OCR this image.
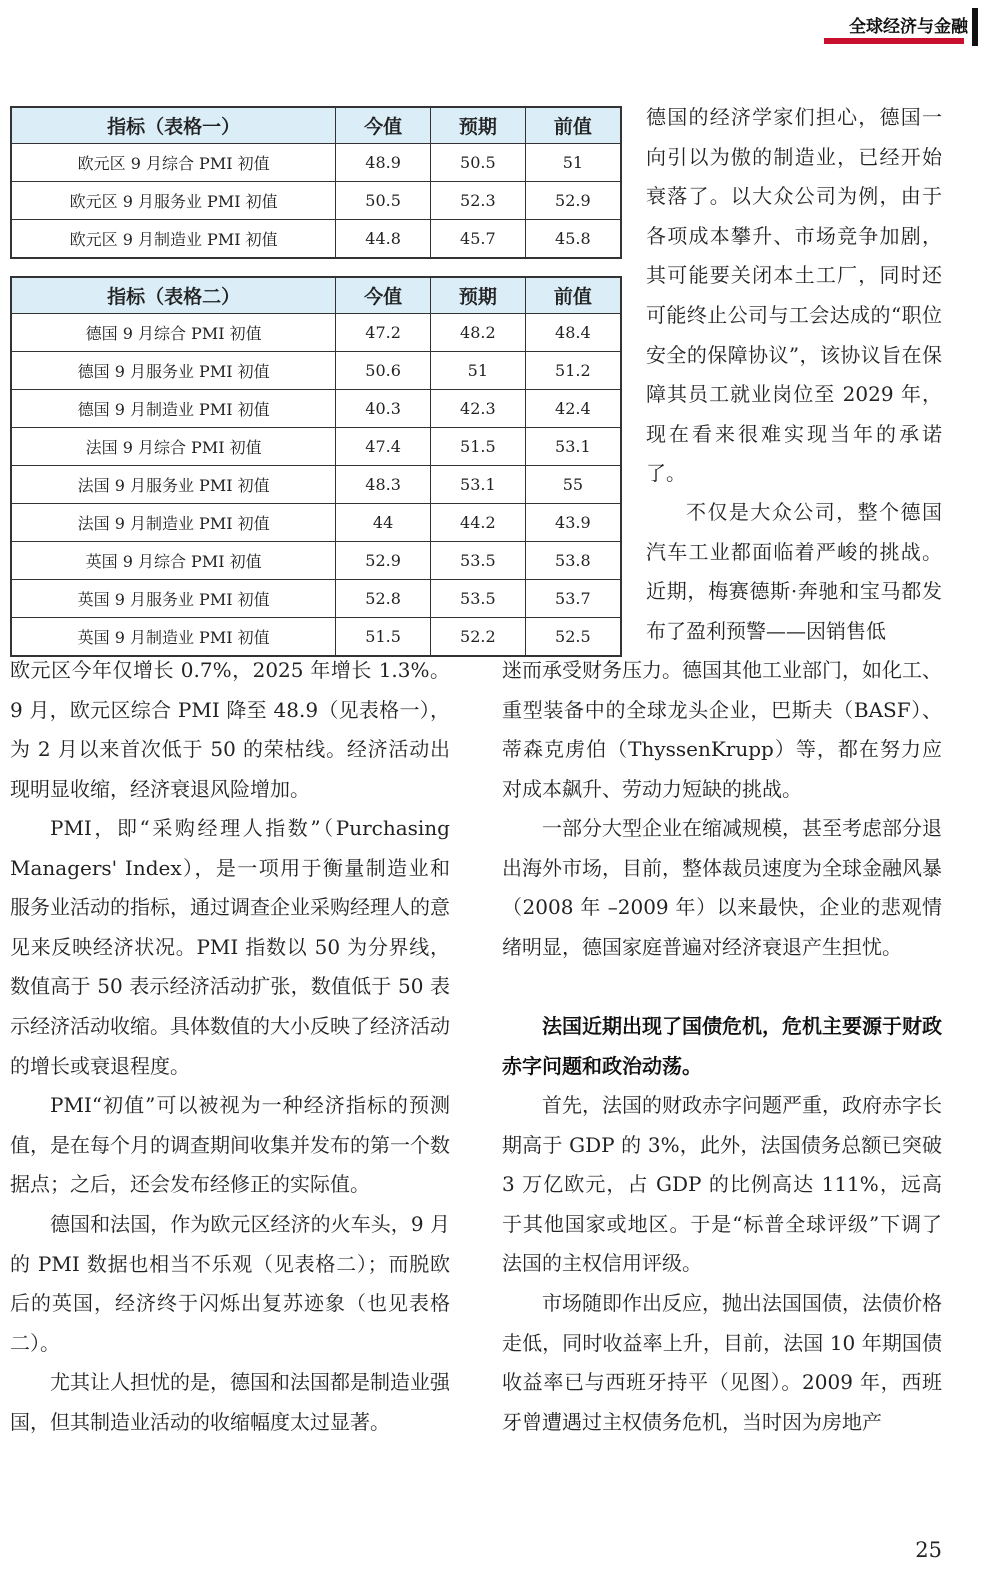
全球经济与金融
指标（表格一）	今值	预期	前值
欧元区 9 月综合 PMI 初值	48.9	50.5	51
欧元区 9 月服务业 PMI 初值	50.5	52.3	52.9
欧元区 9 月制造业 PMI 初值	44.8	45.7	45.8
指标（表格二）	今值	预期	前值
德国 9 月综合 PMI 初值	47.2	48.2	48.4
德国 9 月服务业 PMI 初值	50.6	51	51.2
德国 9 月制造业 PMI 初值	40.3	42.3	42.4
法国 9 月综合 PMI 初值	47.4	51.5	53.1
法国 9 月服务业 PMI 初值	48.3	53.1	55
法国 9 月制造业 PMI 初值	44	44.2	43.9
英国 9 月综合 PMI 初值	52.9	53.5	53.8
英国 9 月服务业 PMI 初值	52.8	53.5	53.7
英国 9 月制造业 PMI 初值	51.5	52.2	52.5

德国的经济学家们担心，德国一向引以为傲的制造业，已经开始衰落了。以大众公司为例，由于各项成本攀升、市场竞争加剧，其可能要关闭本土工厂，同时还可能终止公司与工会达成的“职位安全的保障协议”，该协议旨在保障其员工就业岗位至 2029 年，现在看来很难实现当年的承诺了。

不仅是大众公司，整个德国汽车工业都面临着严峻的挑战。近期，梅赛德斯·奔驰和宝马都发布了盈利预警——因销售低

迷而承受财务压力。德国其他工业部门，如化工、重型装备中的全球龙头企业，巴斯夫（BASF）、蒂森克虏伯（ThyssenKrupp）等，都在努力应对成本飙升、劳动力短缺的挑战。

一部分大型企业在缩减规模，甚至考虑部分退出海外市场，目前，整体裁员速度为全球金融风暴（2008 年 –2009 年）以来最快，企业的悲观情绪明显，德国家庭普遍对经济衰退产生担忧。

法国近期出现了国债危机，危机主要源于财政赤字问题和政治动荡。

首先，法国的财政赤字问题严重，政府赤字长期高于 GDP 的 3%，此外，法国债务总额已突破 3 万亿欧元，占 GDP 的比例高达 111%，远高于其他国家或地区。于是“标普全球评级”下调了法国的主权信用评级。

市场随即作出反应，抛出法国国债，法债价格走低，同时收益率上升，目前，法国 10 年期国债收益率已与西班牙持平（见图）。2009 年，西班牙曾遭遇过主权债务危机，当时因为房地产

欧元区今年仅增长 0.7%，2025 年增长 1.3%。9 月，欧元区综合 PMI 降至 48.9（见表格一），为 2 月以来首次低于 50 的荣枯线。经济活动出现明显收缩，经济衰退风险增加。

PMI，即“采购经理人指数”（Purchasing Managers' Index），是一项用于衡量制造业和服务业活动的指标，通过调查企业采购经理人的意见来反映经济状况。PMI 指数以 50 为分界线，数值高于 50 表示经济活动扩张，数值低于 50 表示经济活动收缩。具体数值的大小反映了经济活动的增长或衰退程度。

PMI“初值”可以被视为一种经济指标的预测值，是在每个月的调查期间收集并发布的第一个数据点；之后，还会发布经修正的实际值。

德国和法国，作为欧元区经济的火车头，9 月的 PMI 数据也相当不乐观（见表格二）；而脱欧后的英国，经济终于闪烁出复苏迹象（也见表格二）。

尤其让人担忧的是，德国和法国都是制造业强国，但其制造业活动的收缩幅度太过显著。

25
